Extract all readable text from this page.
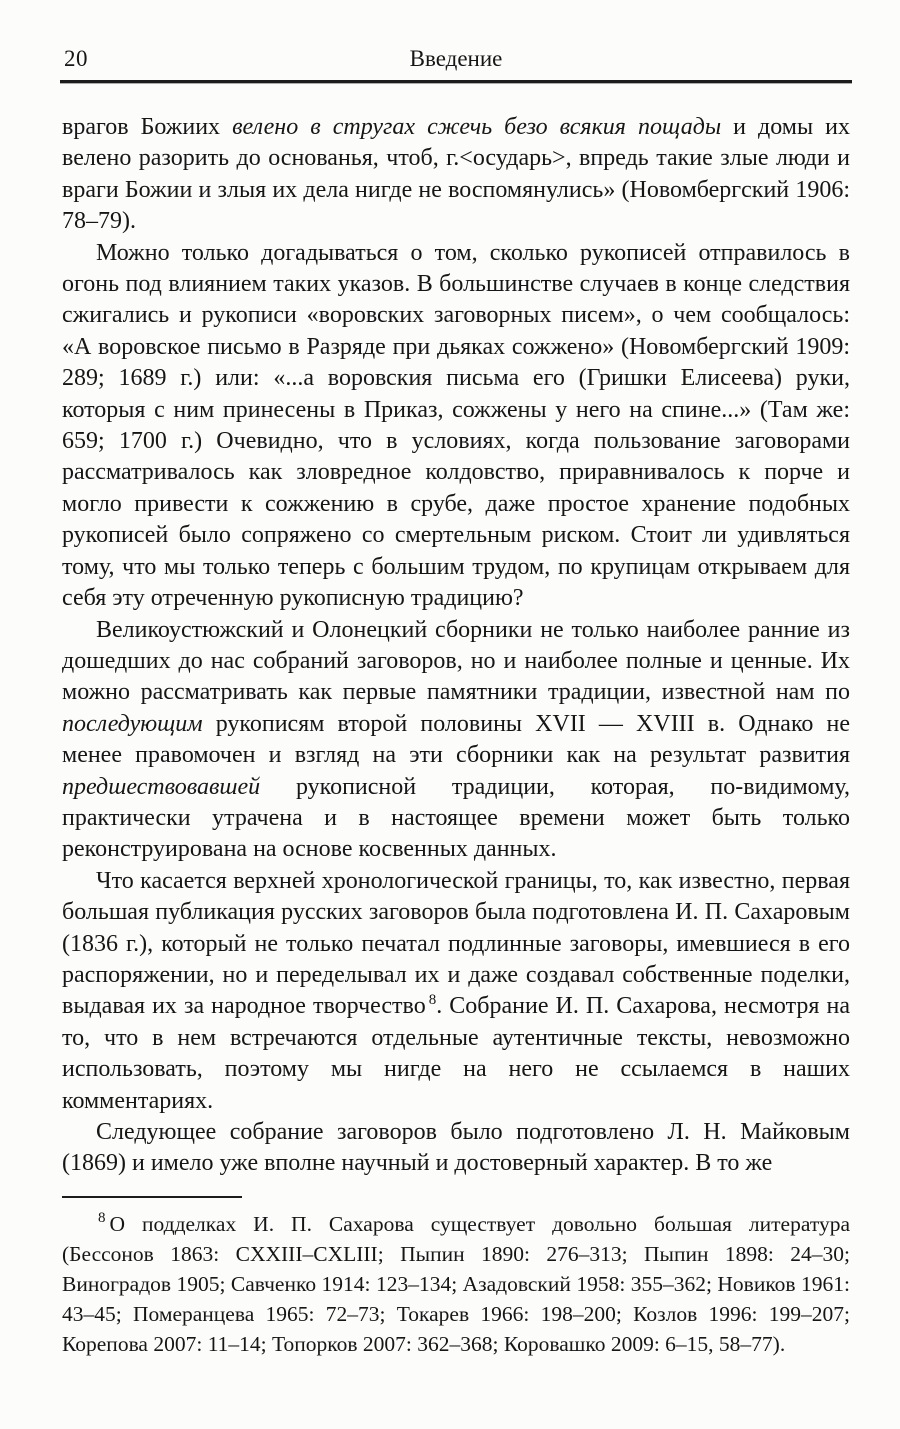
20	Введение

врагов Божиих велено в стругах сжечь безо всякия пощады и домы их велено разорить до основанья, чтоб, г.<осударь>, впредь такие злые люди и враги Божии и злыя их дела нигде не воспомянулись» (Новомбергский 1906: 78–79).

Можно только догадываться о том, сколько рукописей отправилось в огонь под влиянием таких указов. В большинстве случаев в конце следствия сжигались и рукописи «воровских заговорных писем», о чем сообщалось: «А воровское письмо в Разряде при дьяках сожжено» (Новомбергский 1909: 289; 1689 г.) или: «...а воровския письма его (Гришки Елисеева) руки, которыя с ним принесены в Приказ, сожжены у него на спине...» (Там же: 659; 1700 г.) Очевидно, что в условиях, когда пользование заговорами рассматривалось как зловредное колдовство, приравнивалось к порче и могло привести к сожжению в срубе, даже простое хранение подобных рукописей было сопряжено со смертельным риском. Стоит ли удивляться тому, что мы только теперь с большим трудом, по крупицам открываем для себя эту отреченную рукописную традицию?

Великоустюжский и Олонецкий сборники не только наиболее ранние из дошедших до нас собраний заговоров, но и наиболее полные и ценные. Их можно рассматривать как первые памятники традиции, известной нам по последующим рукописям второй половины XVII — XVIII в. Однако не менее правомочен и взгляд на эти сборники как на результат развития предшествовавшей рукописной традиции, которая, по-видимому, практически утрачена и в настоящее времени может быть только реконструирована на основе косвенных данных.

Что касается верхней хронологической границы, то, как известно, первая большая публикация русских заговоров была подготовлена И. П. Сахаровым (1836 г.), который не только печатал подлинные заговоры, имевшиеся в его распоряжении, но и переделывал их и даже создавал собственные поделки, выдавая их за народное творчество $^8$. Собрание И. П. Сахарова, несмотря на то, что в нем встречаются отдельные аутентичные тексты, невозможно использовать, поэтому мы нигде на него не ссылаемся в наших комментариях.

Следующее собрание заговоров было подготовлено Л. Н. Майковым (1869) и имело уже вполне научный и достоверный характер. В то же

$^8$ О подделках И. П. Сахарова существует довольно большая литература (Бессонов 1863: CXXIII–CXLIII; Пыпин 1890: 276–313; Пыпин 1898: 24–30; Виноградов 1905; Савченко 1914: 123–134; Азадовский 1958: 355–362; Новиков 1961: 43–45; Померанцева 1965: 72–73; Токарев 1966: 198–200; Козлов 1996: 199–207; Корепова 2007: 11–14; Топорков 2007: 362–368; Коровашко 2009: 6–15, 58–77).
